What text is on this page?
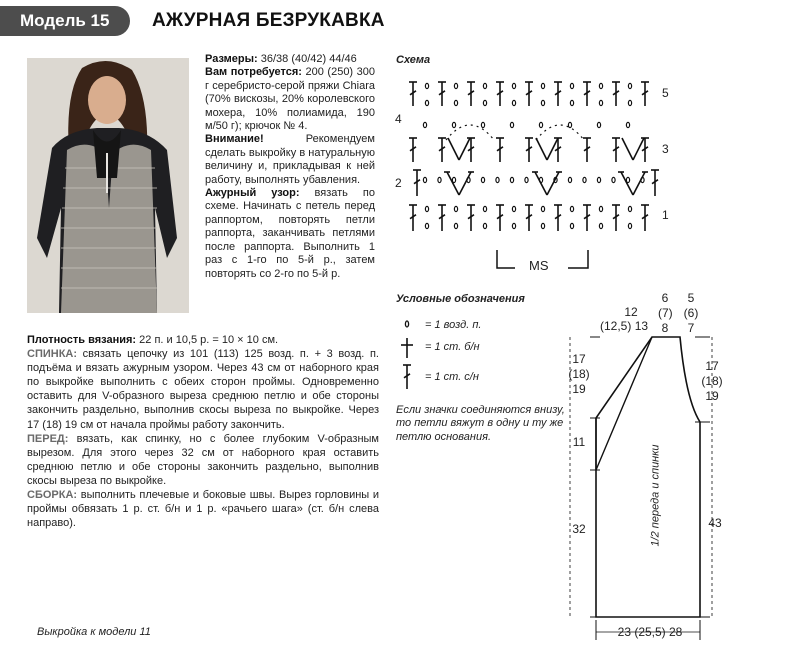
Модель 15 АЖУРНАЯ БЕЗРУКАВКА

Размеры: 36/38 (40/42) 44/46

Вам потребуется: 200 (250) 300 г серебристо-серой пряжи Chiara (70% вискозы, 20% королевского мохера, 10% полиамида, 190 м/50 г); крючок № 4.

Внимание!	Рекомендуем сделать выкройку в натуральную величину и, прикладывая к ней работу, выполнять убавления.

Ажурный узор: вязать по схеме. Начинать с петель перед раппортом, повторять петли раппорта, заканчивать петлями после раппорта. Выполнить 1 раз с 1-го по 5-й р., затем повторять со 2-го по 5-й р.

Плотность вязания: 22 п. и 10,5 р. = 10 × 10 см.

СПИНКА: связать цепочку из 101 (113) 125 возд. п. + 3 возд. п. подъёма и вязать ажурным узором. Через 43 см от наборного края по выкройке выполнить с обеих сторон проймы. Одновременно оставить для V-образного выреза среднюю петлю и обе стороны закончить раздельно, выполнив скосы выреза по выкройке. Через 17 (18) 19 см от начала проймы работу закончить.

ПЕРЕД: вязать, как спинку, но с более глубоким V-образным вырезом. Для этого через 32 см от наборного края оставить среднюю петлю и обе стороны закончить раздельно, выполнив скосы выреза по выкройке.

СБОРКА: выполнить плечевые и боковые швы. Вырез горловины и проймы обвязать 1 р. ст. б/н и 1 р. «рачьего шага» (ст. б/н слева направо).

Выкройка к модели 11
Схема
5
4
3
2
1
MS
Условные обозначения
= 1 возд. п.
= 1 ст. б/н
= 1 ст. с/н
Если значки соединяются внизу, то петли вяжут в одну и ту же петлю основания.
12
(12,5) 13
6
(7)
8
5
(6)
7
17
(18)
19
17
(18)
19
11
32	43
23 (25,5) 28
1/2 переда и спинки
